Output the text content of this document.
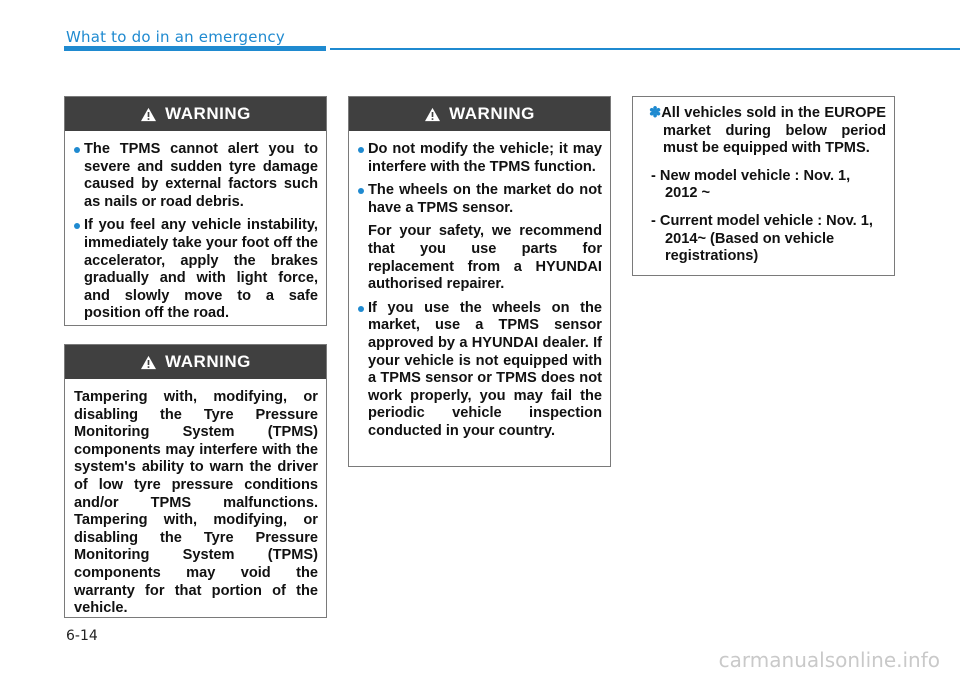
What to do in an emergency
WARNING
The TPMS cannot alert you to severe and sudden tyre damage caused by external factors such as nails or road debris.
If you feel any vehicle instability, immediately take your foot off the accelerator, apply the brakes gradually and with light force, and slowly move to a safe position off the road.
WARNING
Tampering with, modifying, or disabling the Tyre Pressure Monitoring System (TPMS) components may interfere with the system's ability to warn the driver of low tyre pressure conditions and/or TPMS malfunctions. Tampering with, modifying, or disabling the Tyre Pressure Monitoring System (TPMS) components may void the warranty for that portion of the vehicle.
WARNING
Do not modify the vehicle; it may interfere with the TPMS function.
The wheels on the market do not have a TPMS sensor.
For your safety, we recommend that you use parts for replacement from a HYUNDAI authorised repairer.
If you use the wheels on the market, use a TPMS sensor approved by a HYUNDAI dealer. If your vehicle is not equipped with a TPMS sensor or TPMS does not work properly, you may fail the periodic vehicle inspection conducted in your country.
✽All vehicles sold in the EUROPE market during below period must be equipped with TPMS.
- New model vehicle : Nov. 1, 2012 ~
- Current model vehicle : Nov. 1, 2014~ (Based on vehicle registrations)
6-14
carmanualsonline.info
